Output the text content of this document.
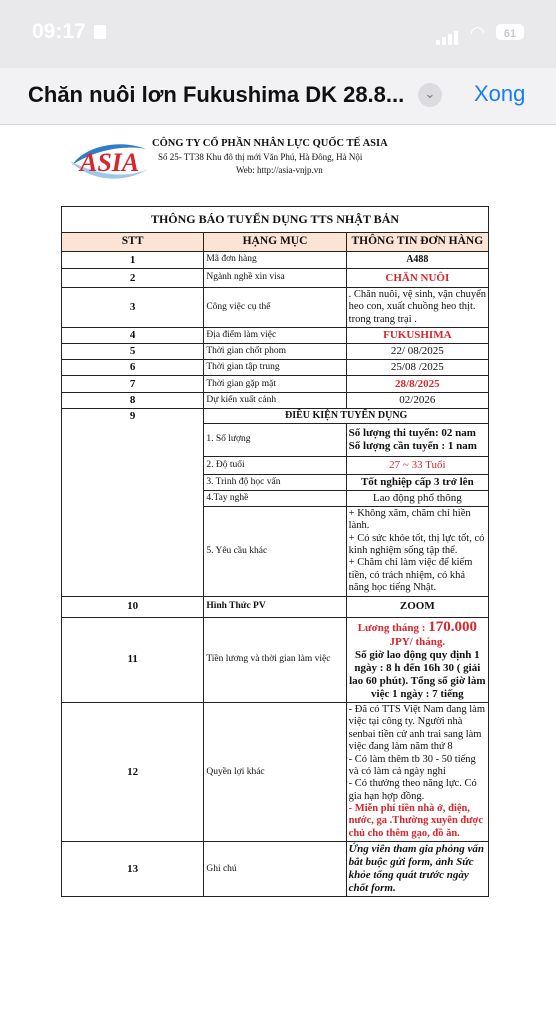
09:17	◠	61
Chăn nuôi lơn Fukushima DK 28.8...	⌄ Xong
ASIA
CÔNG TY CỔ PHẦN NHÂN LỰC QUỐC TẾ ASIA
Số 25- TT38 Khu đô thị mới Văn Phú, Hà Đông, Hà Nội
Web: http://asia-vnjp.vn
THÔNG BÁO TUYỂN DỤNG TTS NHẬT BẢN		
STT	HẠNG MỤC	THÔNG TIN ĐƠN HÀNG
1	Mã đơn hàng	A488
2	Ngành nghề xin visa	CHĂN NUÔI
3	Công việc cụ thể	. Chăn nuôi, vệ sinh, vận chuyển heo con, xuất chuồng heo thịt. trong trang trại .
4	Địa điểm làm việc	FUKUSHIMA
5	Thời gian chốt phom	22/ 08/2025
6	Thời gian tập trung	25/08 /2025
7	Thời gian gặp mặt	28/8/2025
8	Dự kiến xuất cảnh	02/2026
9	ĐIỀU KIỆN TUYỂN DỤNG	
	1. Số lượng	Số lượng thi tuyển: 02 nam Số lượng cần tuyển : 1 nam
	2. Độ tuổi	27 ~ 33 Tuổi
	3. Trình độ học vấn	Tốt nghiệp cấp 3 trở lên
	4.Tay nghề	Lao động phổ thông
	5. Yêu cầu khác	+ Không xăm, chăm chỉ hiền lành.
+ Có sức khỏe tốt, thị lực tốt, có kinh nghiệm sống tập thể.
+ Chăm chỉ làm việc để kiếm tiền, có trách nhiệm, có khả năng học tiếng Nhật.

10	Hình Thức PV	ZOOM
11	Tiền lương và thời gian làm việc	Lương tháng : 170.000 JPY/ tháng.
Số giờ lao động quy định 1 ngày : 8 h đến 16h 30 ( giải lao 60 phút). Tổng số giờ làm việc 1 ngày : 7 tiếng

12	Quyền lợi khác	- Đã có TTS Việt Nam đang làm việc tại công ty. Người nhà senbai tiền cử anh trai sang làm việc đang làm năm thứ 8
- Có làm thêm tb 30 - 50 tiếng và có làm cả ngày nghỉ
- Có thưởng theo năng lực. Có gia hạn hợp đồng.
- Miễn phí tiền nhà ở, điện, nước, ga .Thường xuyên được chủ cho thêm gạo, đồ ăn.

13	Ghi chú	Ứng viên tham gia phỏng vấn bắt buộc gửi form, ảnh Sức khỏe tổng quát trước ngày chốt form.
